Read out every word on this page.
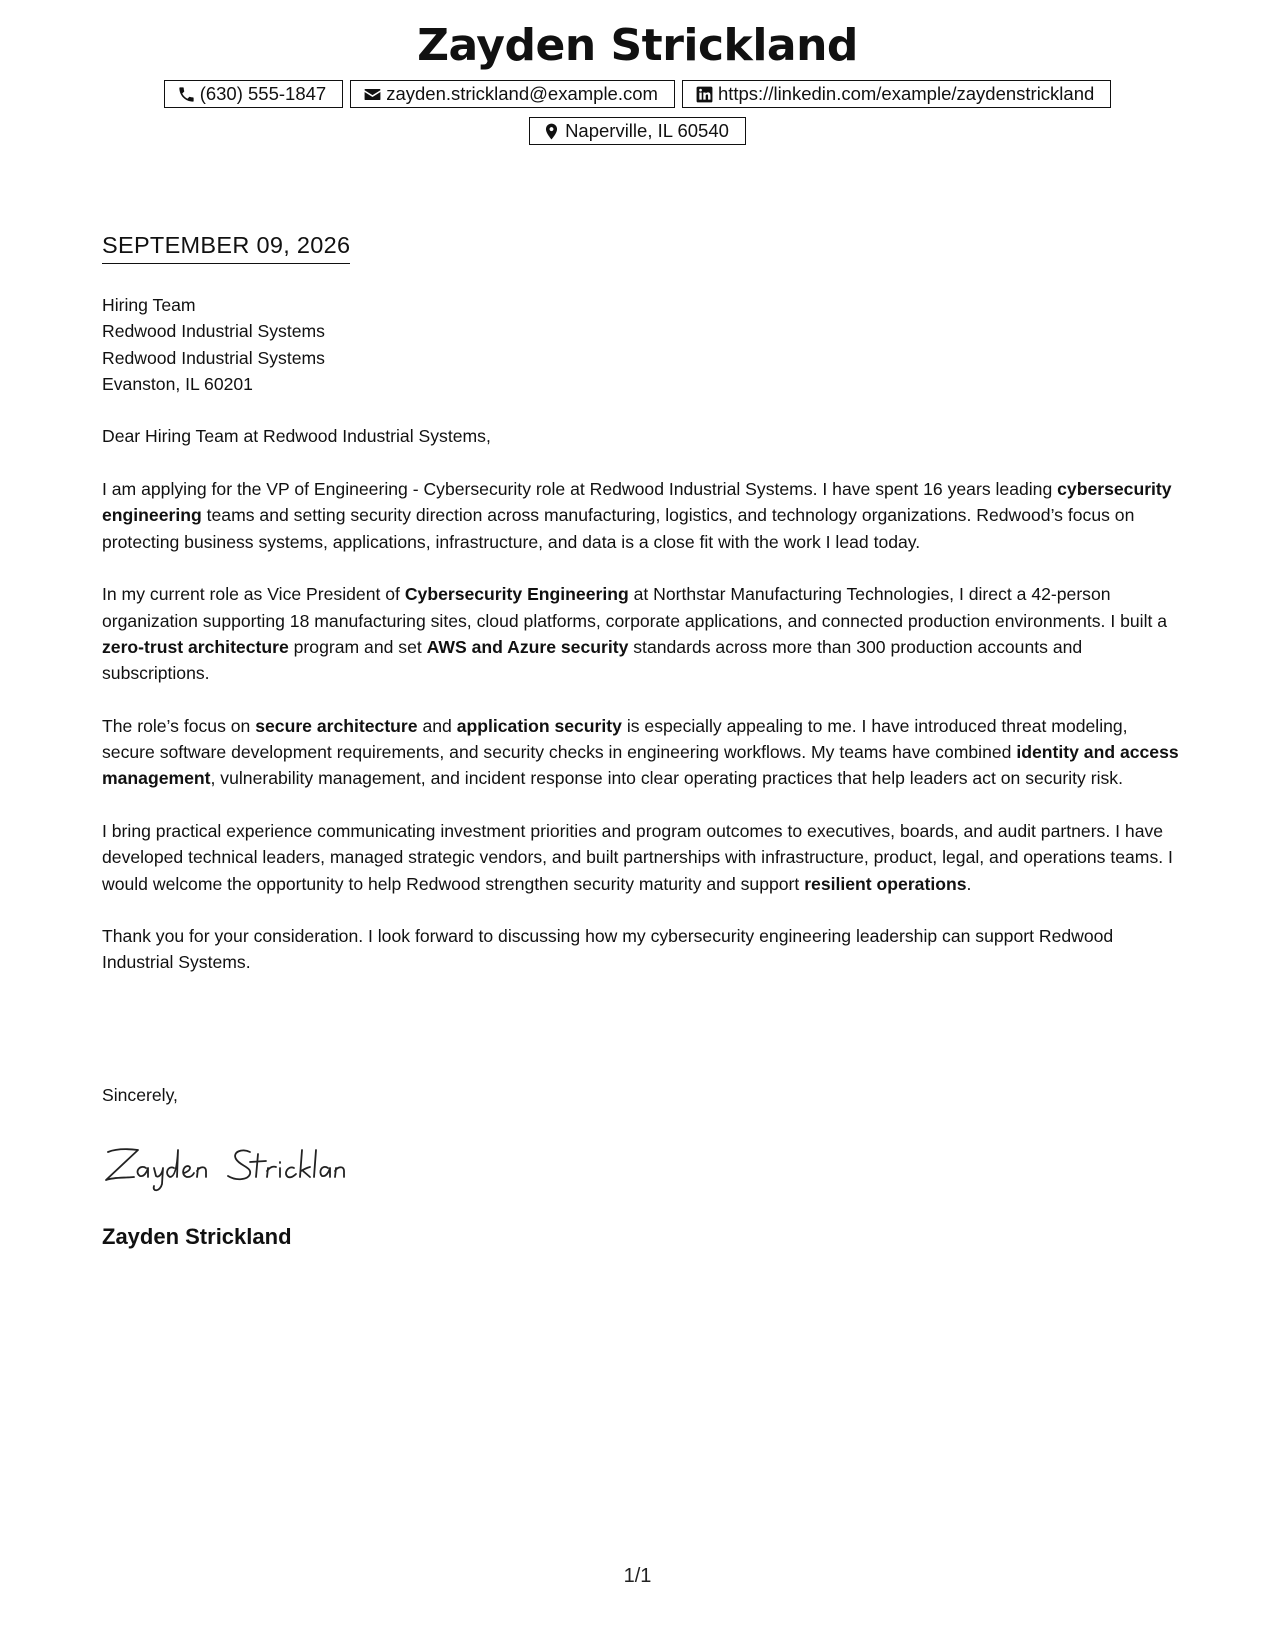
Zayden Strickland
(630) 555-1847	zayden.strickland@example.com	https://linkedin.com/example/zaydenstrickland
Naperville, IL 60540
SEPTEMBER 09, 2026
Hiring Team
Redwood Industrial Systems
Redwood Industrial Systems
Evanston, IL 60201

Dear Hiring Team at Redwood Industrial Systems,

I am applying for the VP of Engineering - Cybersecurity role at Redwood Industrial Systems. I have spent 16 years leading cybersecurity engineering teams and setting security direction across manufacturing, logistics, and technology organizations. Redwood’s focus on protecting business systems, applications, infrastructure, and data is a close fit with the work I lead today.

In my current role as Vice President of Cybersecurity Engineering at Northstar Manufacturing Technologies, I direct a 42-person organization supporting 18 manufacturing sites, cloud platforms, corporate applications, and connected production environments. I built a zero-trust architecture program and set AWS and Azure security standards across more than 300 production accounts and subscriptions.

The role’s focus on secure architecture and application security is especially appealing to me. I have introduced threat modeling, secure software development requirements, and security checks in engineering workflows. My teams have combined identity and access management, vulnerability management, and incident response into clear operating practices that help leaders act on security risk.

I bring practical experience communicating investment priorities and program outcomes to executives, boards, and audit partners. I have developed technical leaders, managed strategic vendors, and built partnerships with infrastructure, product, legal, and operations teams. I would welcome the opportunity to help Redwood strengthen security maturity and support resilient operations.

Thank you for your consideration. I look forward to discussing how my cybersecurity engineering leadership can support Redwood Industrial Systems.

Sincerely,
Zayden Strickland
1/1
